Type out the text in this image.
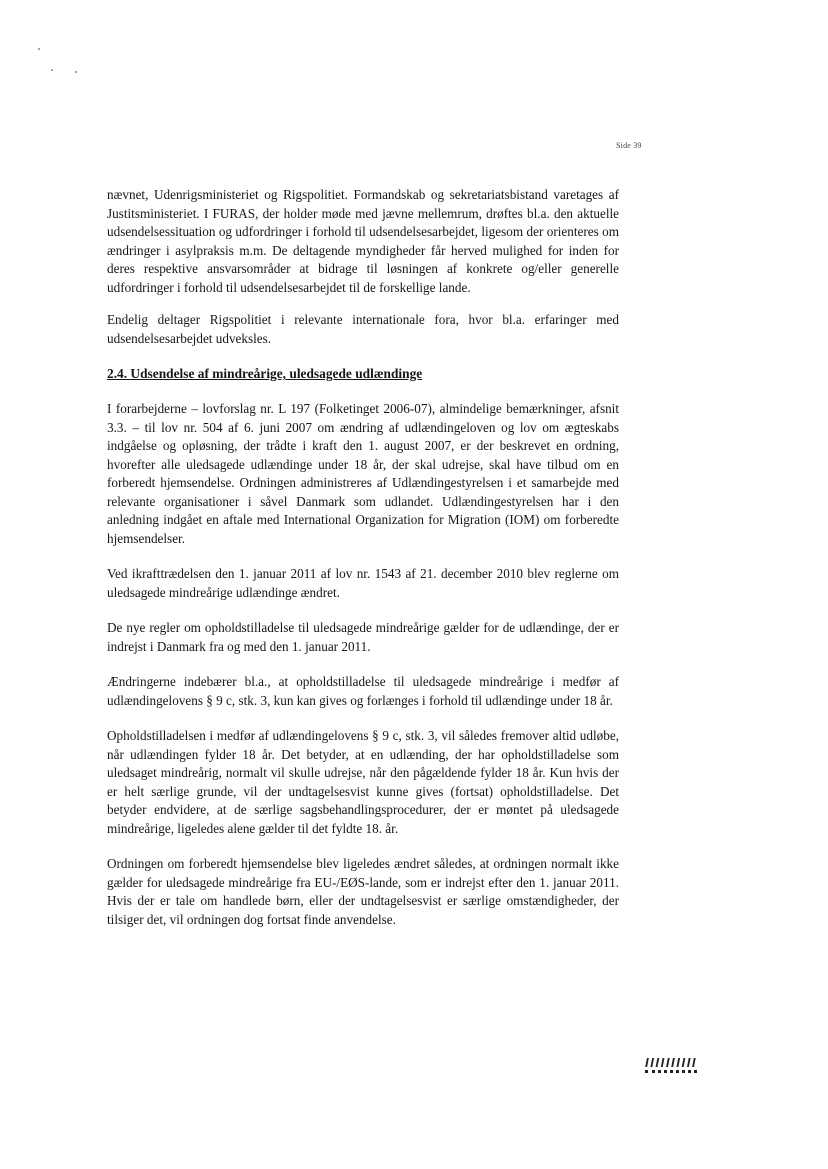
Side 39

nævnet, Udenrigsministeriet og Rigspolitiet. Formandskab og sekretariatsbistand varetages af Justitsministeriet. I FURAS, der holder møde med jævne mellemrum, drøftes bl.a. den aktuelle udsendelsessituation og udfordringer i forhold til udsendelsesarbejdet, ligesom der orienteres om ændringer i asylpraksis m.m. De deltagende myndigheder får herved mulighed for inden for deres respektive ansvarsområder at bidrage til løsningen af konkrete og/eller generelle udfordringer i forhold til udsendelsesarbejdet til de forskellige lande.

Endelig deltager Rigspolitiet i relevante internationale fora, hvor bl.a. erfaringer med udsendelsesarbejdet udveksles.

2.4. Udsendelse af mindreårige, uledsagede udlændinge

I forarbejderne – lovforslag nr. L 197 (Folketinget 2006-07), almindelige bemærkninger, afsnit 3.3. – til lov nr. 504 af 6. juni 2007 om ændring af udlændingeloven og lov om ægteskabs indgåelse og opløsning, der trådte i kraft den 1. august 2007, er der beskrevet en ordning, hvorefter alle uledsagede udlændinge under 18 år, der skal udrejse, skal have tilbud om en forberedt hjemsendelse. Ordningen administreres af Udlændingestyrelsen i et samarbejde med relevante organisationer i såvel Danmark som udlandet. Udlændingestyrelsen har i den anledning indgået en aftale med International Organization for Migration (IOM) om forberedte hjemsendelser.

Ved ikrafttrædelsen den 1. januar 2011 af lov nr. 1543 af 21. december 2010 blev reglerne om uledsagede mindreårige udlændinge ændret.

De nye regler om opholdstilladelse til uledsagede mindreårige gælder for de udlændinge, der er indrejst i Danmark fra og med den 1. januar 2011.

Ændringerne indebærer bl.a., at opholdstilladelse til uledsagede mindreårige i medfør af udlændingelovens § 9 c, stk. 3, kun kan gives og forlænges i forhold til udlændinge under 18 år.

Opholdstilladelsen i medfør af udlændingelovens § 9 c, stk. 3, vil således fremover altid udløbe, når udlændingen fylder 18 år. Det betyder, at en udlænding, der har opholdstilladelse som uledsaget mindreårig, normalt vil skulle udrejse, når den pågældende fylder 18 år. Kun hvis der er helt særlige grunde, vil der undtagelsesvist kunne gives (fortsat) opholdstilladelse. Det betyder endvidere, at de særlige sagsbehandlingsprocedurer, der er møntet på uledsagede mindreårige, ligeledes alene gælder til det fyldte 18. år.

Ordningen om forberedt hjemsendelse blev ligeledes ændret således, at ordningen normalt ikke gælder for uledsagede mindreårige fra EU-/EØS-lande, som er indrejst efter den 1. januar 2011. Hvis der er tale om handlede børn, eller der undtagelsesvist er særlige omstændigheder, der tilsiger det, vil ordningen dog fortsat finde anvendelse.

IIIIIIIIII
